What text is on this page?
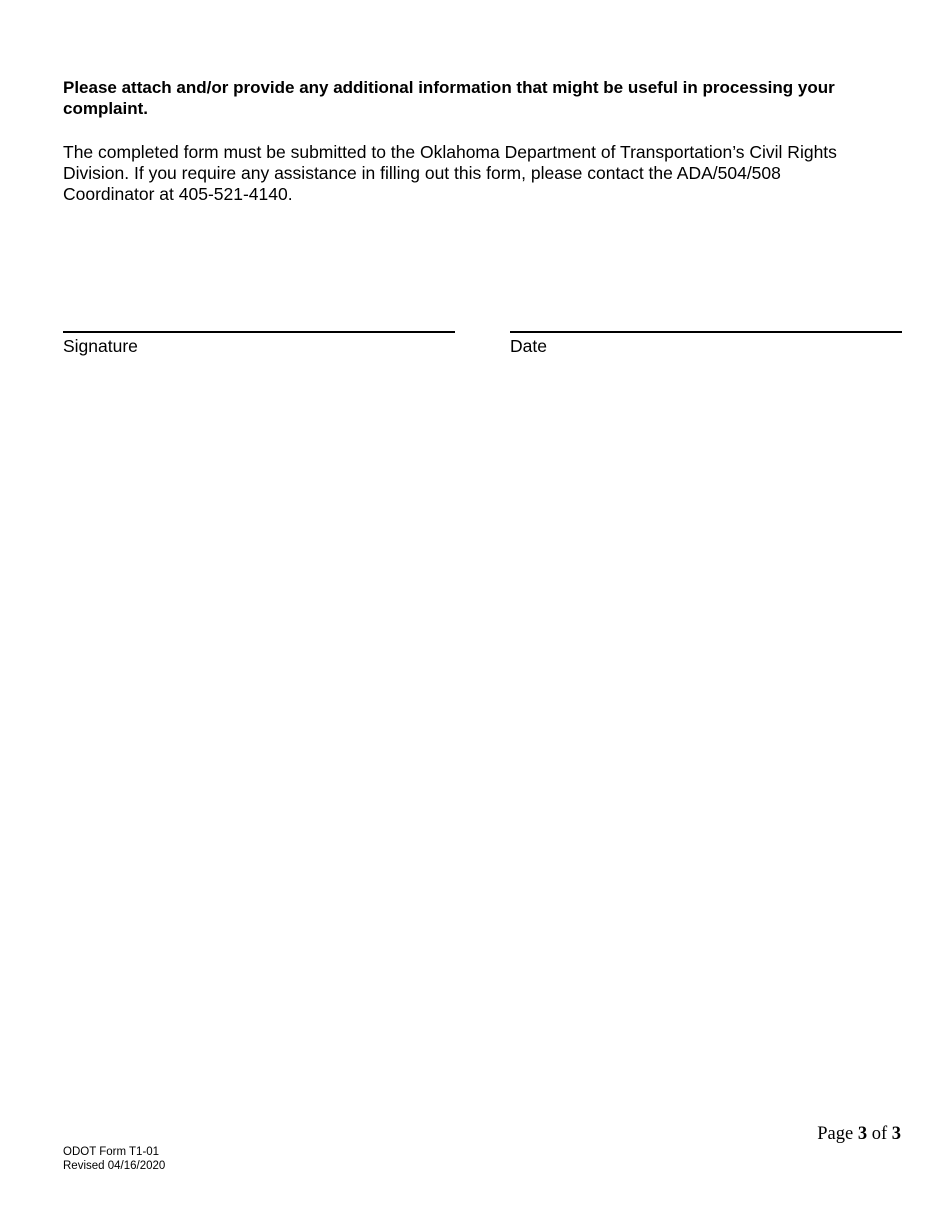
Please attach and/or provide any additional information that might be useful in processing your complaint.

The completed form must be submitted to the Oklahoma Department of Transportation’s Civil Rights Division. If you require any assistance in filling out this form, please contact the ADA/504/508 Coordinator at 405-521-4140.

Signature	Date
Page 3 of 3
ODOT Form T1-01
Revised 04/16/2020
